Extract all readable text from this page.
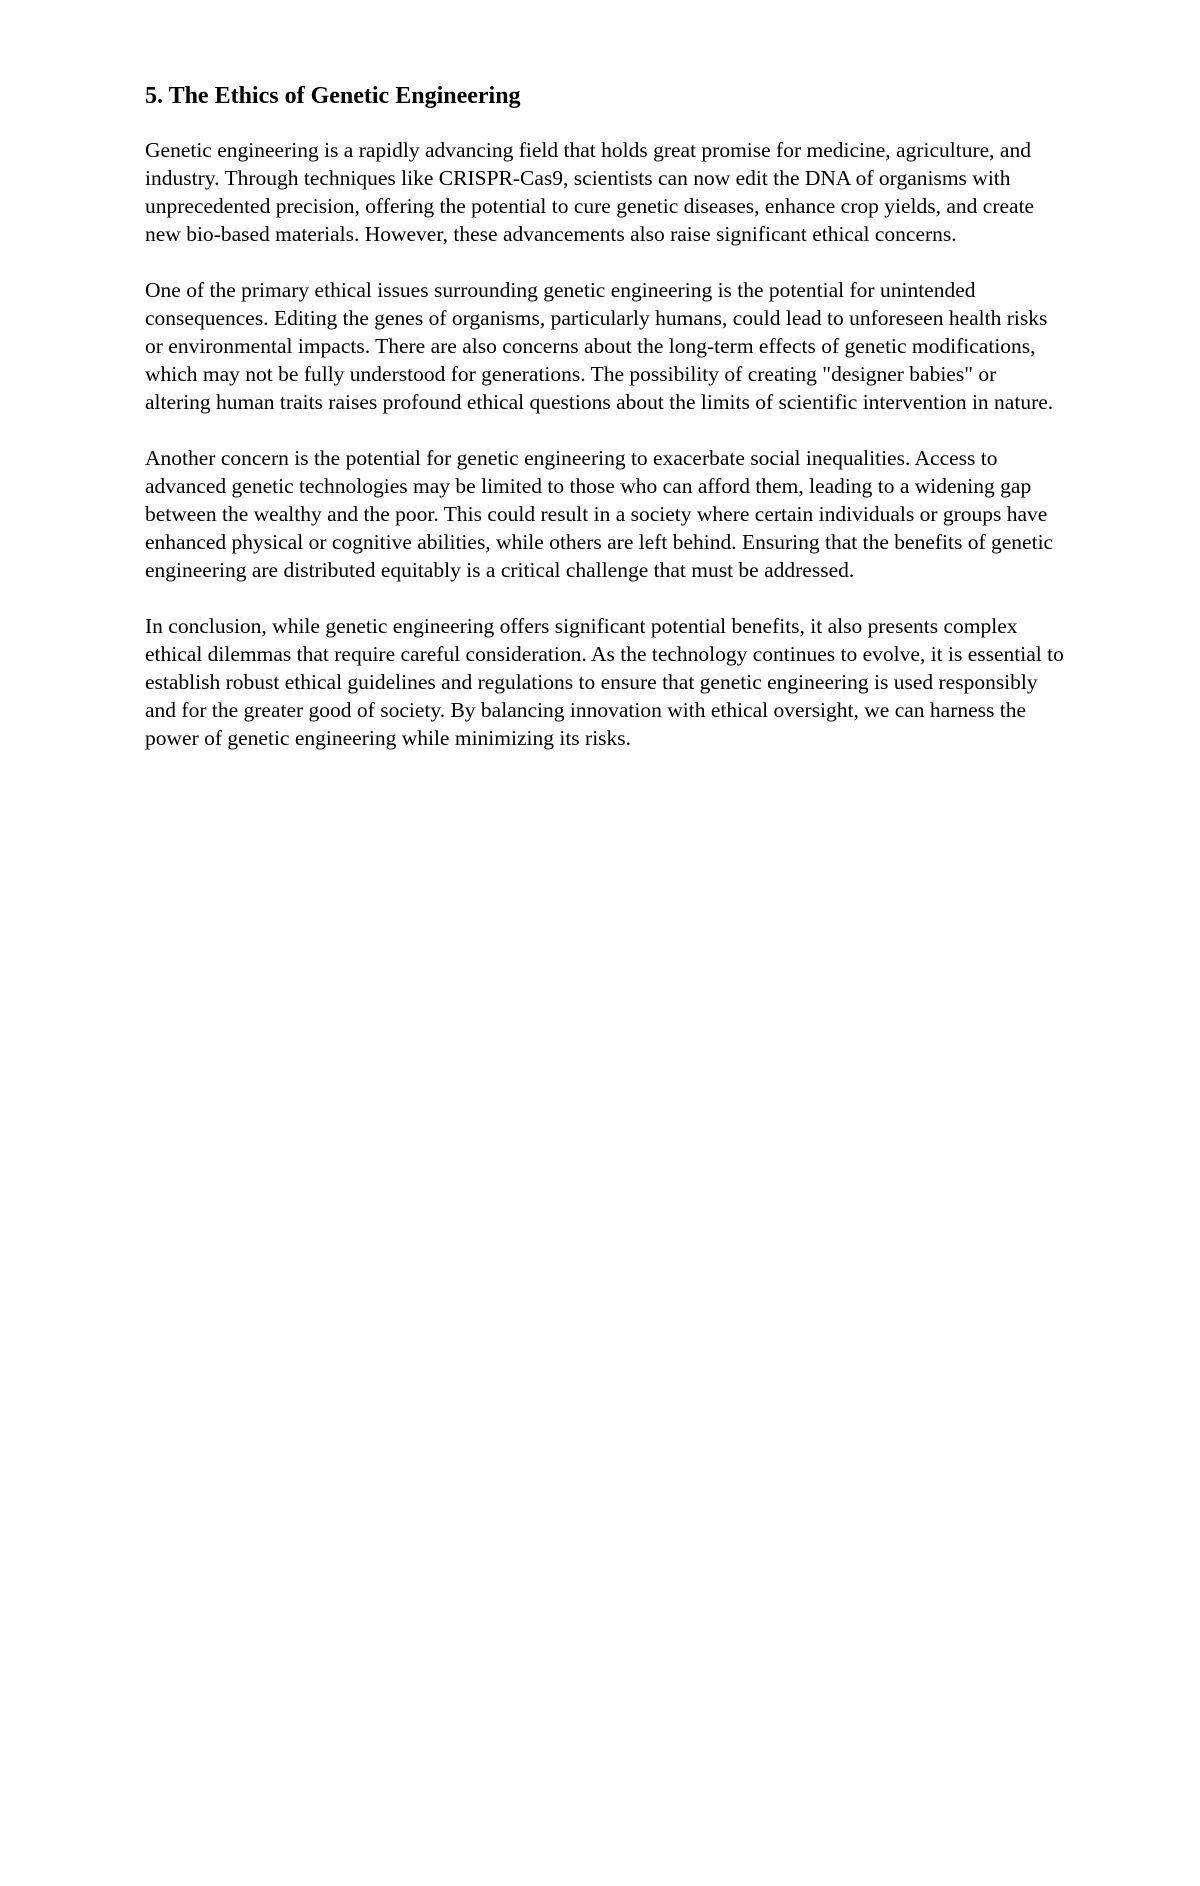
5. The Ethics of Genetic Engineering

Genetic engineering is a rapidly advancing field that holds great promise for medicine, agriculture, and industry. Through techniques like CRISPR-Cas9, scientists can now edit the DNA of organisms with unprecedented precision, offering the potential to cure genetic diseases, enhance crop yields, and create new bio-based materials. However, these advancements also raise significant ethical concerns.

One of the primary ethical issues surrounding genetic engineering is the potential for unintended consequences. Editing the genes of organisms, particularly humans, could lead to unforeseen health risks or environmental impacts. There are also concerns about the long-term effects of genetic modifications, which may not be fully understood for generations. The possibility of creating "designer babies" or altering human traits raises profound ethical questions about the limits of scientific intervention in nature.

Another concern is the potential for genetic engineering to exacerbate social inequalities. Access to advanced genetic technologies may be limited to those who can afford them, leading to a widening gap between the wealthy and the poor. This could result in a society where certain individuals or groups have enhanced physical or cognitive abilities, while others are left behind. Ensuring that the benefits of genetic engineering are distributed equitably is a critical challenge that must be addressed.

In conclusion, while genetic engineering offers significant potential benefits, it also presents complex ethical dilemmas that require careful consideration. As the technology continues to evolve, it is essential to establish robust ethical guidelines and regulations to ensure that genetic engineering is used responsibly and for the greater good of society. By balancing innovation with ethical oversight, we can harness the power of genetic engineering while minimizing its risks.
